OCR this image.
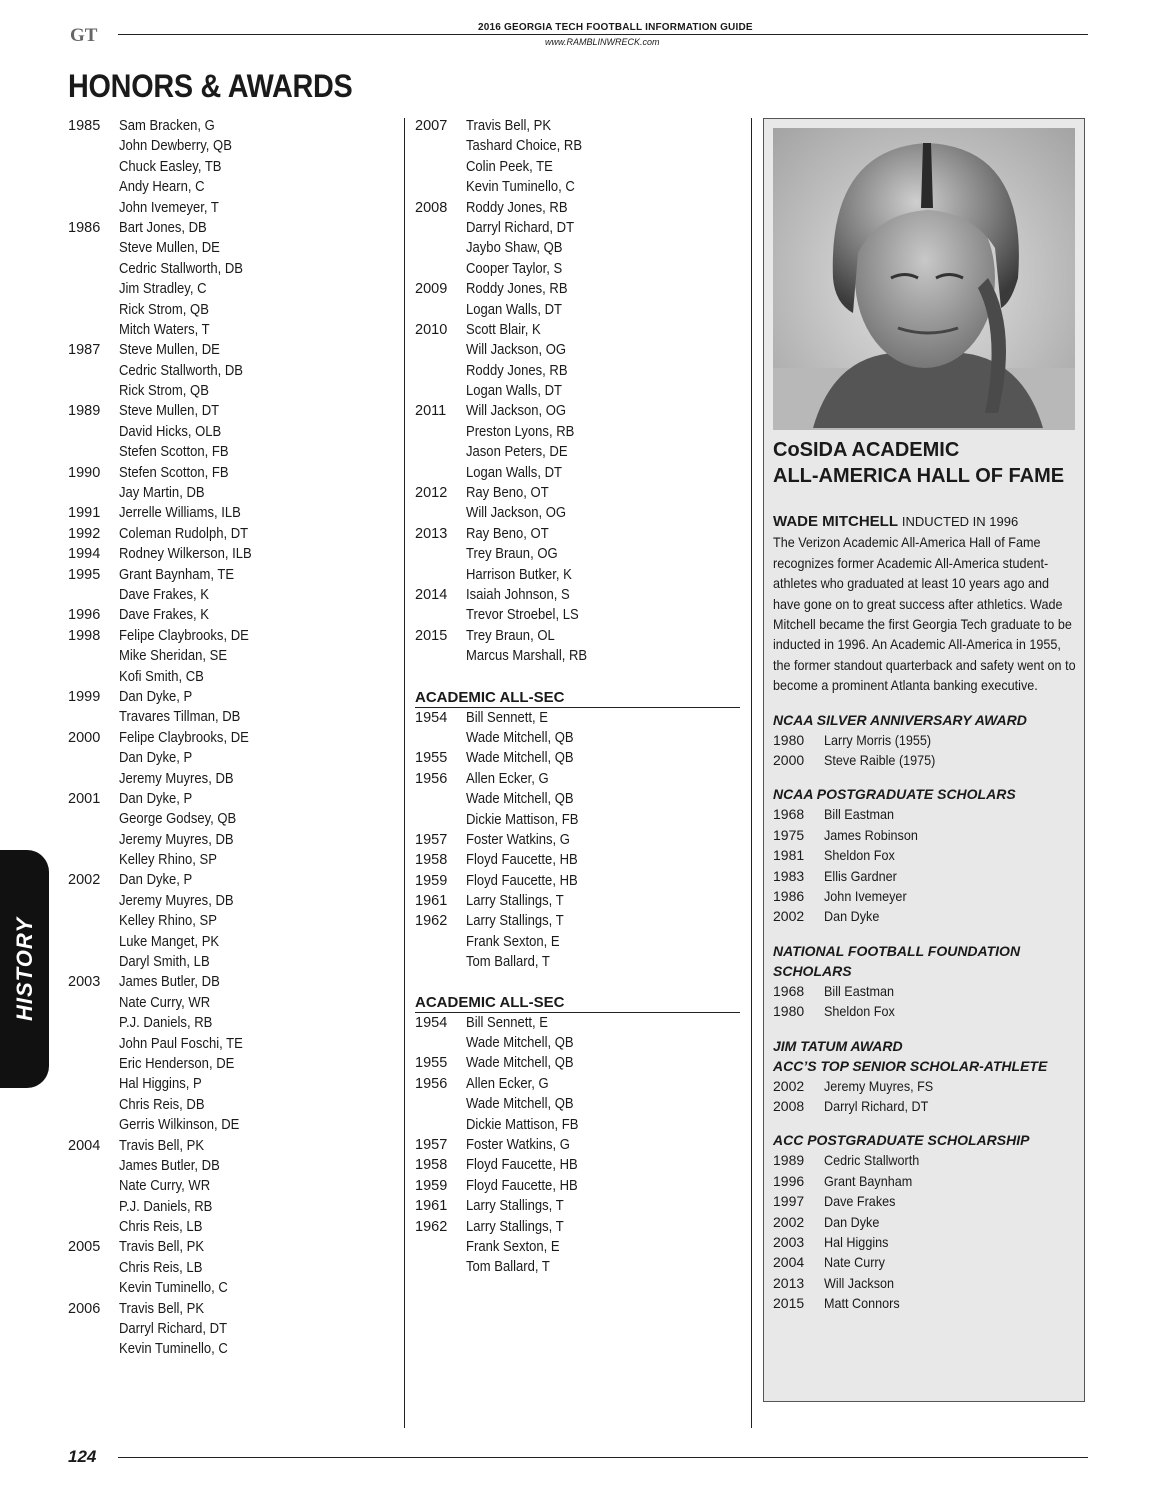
GT	2016 GEORGIA TECH FOOTBALL INFORMATION GUIDE
www.RAMBLINWRECK.com
HONORS & AWARDS
1985	Sam Bracken, G
John Dewberry, QB
Chuck Easley, TB
Andy Hearn, C
John Ivemeyer, T
1986	Bart Jones, DB
Steve Mullen, DE
Cedric Stallworth, DB
Jim Stradley, C
Rick Strom, QB
Mitch Waters, T
1987	Steve Mullen, DE
Cedric Stallworth, DB
Rick Strom, QB
1989	Steve Mullen, DT
David Hicks, OLB
Stefen Scotton, FB
1990	Stefen Scotton, FB
Jay Martin, DB
1991	Jerrelle Williams, ILB
1992	Coleman Rudolph, DT
1994	Rodney Wilkerson, ILB
1995	Grant Baynham, TE
Dave Frakes, K
1996	Dave Frakes, K
1998	Felipe Claybrooks, DE
Mike Sheridan, SE
Kofi Smith, CB
1999	Dan Dyke, P
Travares Tillman, DB
2000	Felipe Claybrooks, DE
Dan Dyke, P
Jeremy Muyres, DB
2001	Dan Dyke, P
George Godsey, QB
Jeremy Muyres, DB
Kelley Rhino, SP
2002	Dan Dyke, P
Jeremy Muyres, DB
Kelley Rhino, SP
Luke Manget, PK
Daryl Smith, LB
2003	James Butler, DB
Nate Curry, WR
P.J. Daniels, RB
John Paul Foschi, TE
Eric Henderson, DE
Hal Higgins, P
Chris Reis, DB
Gerris Wilkinson, DE
2004	Travis Bell, PK
James Butler, DB
Nate Curry, WR
P.J. Daniels, RB
Chris Reis, LB
2005	Travis Bell, PK
Chris Reis, LB
Kevin Tuminello, C
2006	Travis Bell, PK
Darryl Richard, DT
Kevin Tuminello, C
2007	Travis Bell, PK
Tashard Choice, RB
Colin Peek, TE
Kevin Tuminello, C
2008	Roddy Jones, RB
Darryl Richard, DT
Jaybo Shaw, QB
Cooper Taylor, S
2009	Roddy Jones, RB
Logan Walls, DT
2010	Scott Blair, K
Will Jackson, OG
Roddy Jones, RB
Logan Walls, DT
2011	Will Jackson, OG
Preston Lyons, RB
Jason Peters, DE
Logan Walls, DT
2012	Ray Beno, OT
Will Jackson, OG
2013	Ray Beno, OT
Trey Braun, OG
Harrison Butker, K
2014	Isaiah Johnson, S
Trevor Stroebel, LS
2015	Trey Braun, OL
Marcus Marshall, RB
ACADEMIC ALL-SEC
1954	Bill Sennett, E
Wade Mitchell, QB
1955	Wade Mitchell, QB
1956	Allen Ecker, G
Wade Mitchell, QB
Dickie Mattison, FB
1957	Foster Watkins, G
1958	Floyd Faucette, HB
1959	Floyd Faucette, HB
1961	Larry Stallings, T
1962	Larry Stallings, T
Frank Sexton, E
Tom Ballard, T
ACADEMIC ALL-SEC
1954	Bill Sennett, E
Wade Mitchell, QB
1955	Wade Mitchell, QB
1956	Allen Ecker, G
Wade Mitchell, QB
Dickie Mattison, FB
1957	Foster Watkins, G
1958	Floyd Faucette, HB
1959	Floyd Faucette, HB
1961	Larry Stallings, T
1962	Larry Stallings, T
Frank Sexton, E
Tom Ballard, T
CoSIDA ACADEMIC
ALL-AMERICA HALL OF FAME

WADE MITCHELL INDUCTED IN 1996

The Verizon Academic All-America Hall of Fame recognizes former Academic All-America student-athletes who graduated at least 10 years ago and have gone on to great success after athletics. Wade Mitchell became the first Georgia Tech graduate to be inducted in 1996. An Academic All-America in 1955, the former standout quarterback and safety went on to become a prominent Atlanta banking executive.

NCAA SILVER ANNIVERSARY AWARD
1980	Larry Morris (1955)
2000	Steve Raible (1975)
NCAA POSTGRADUATE SCHOLARS
1968	Bill Eastman
1975	James Robinson
1981	Sheldon Fox
1983	Ellis Gardner
1986	John Ivemeyer
2002	Dan Dyke
NATIONAL FOOTBALL FOUNDATION SCHOLARS
1968	Bill Eastman
1980	Sheldon Fox
JIM TATUM AWARD
ACC’S TOP SENIOR SCHOLAR-ATHLETE
2002	Jeremy Muyres, FS
2008	Darryl Richard, DT
ACC POSTGRADUATE SCHOLARSHIP
1989	Cedric Stallworth
1996	Grant Baynham
1997	Dave Frakes
2002	Dan Dyke
2003	Hal Higgins
2004	Nate Curry
2013	Will Jackson
2015	Matt Connors
HISTORY
124
